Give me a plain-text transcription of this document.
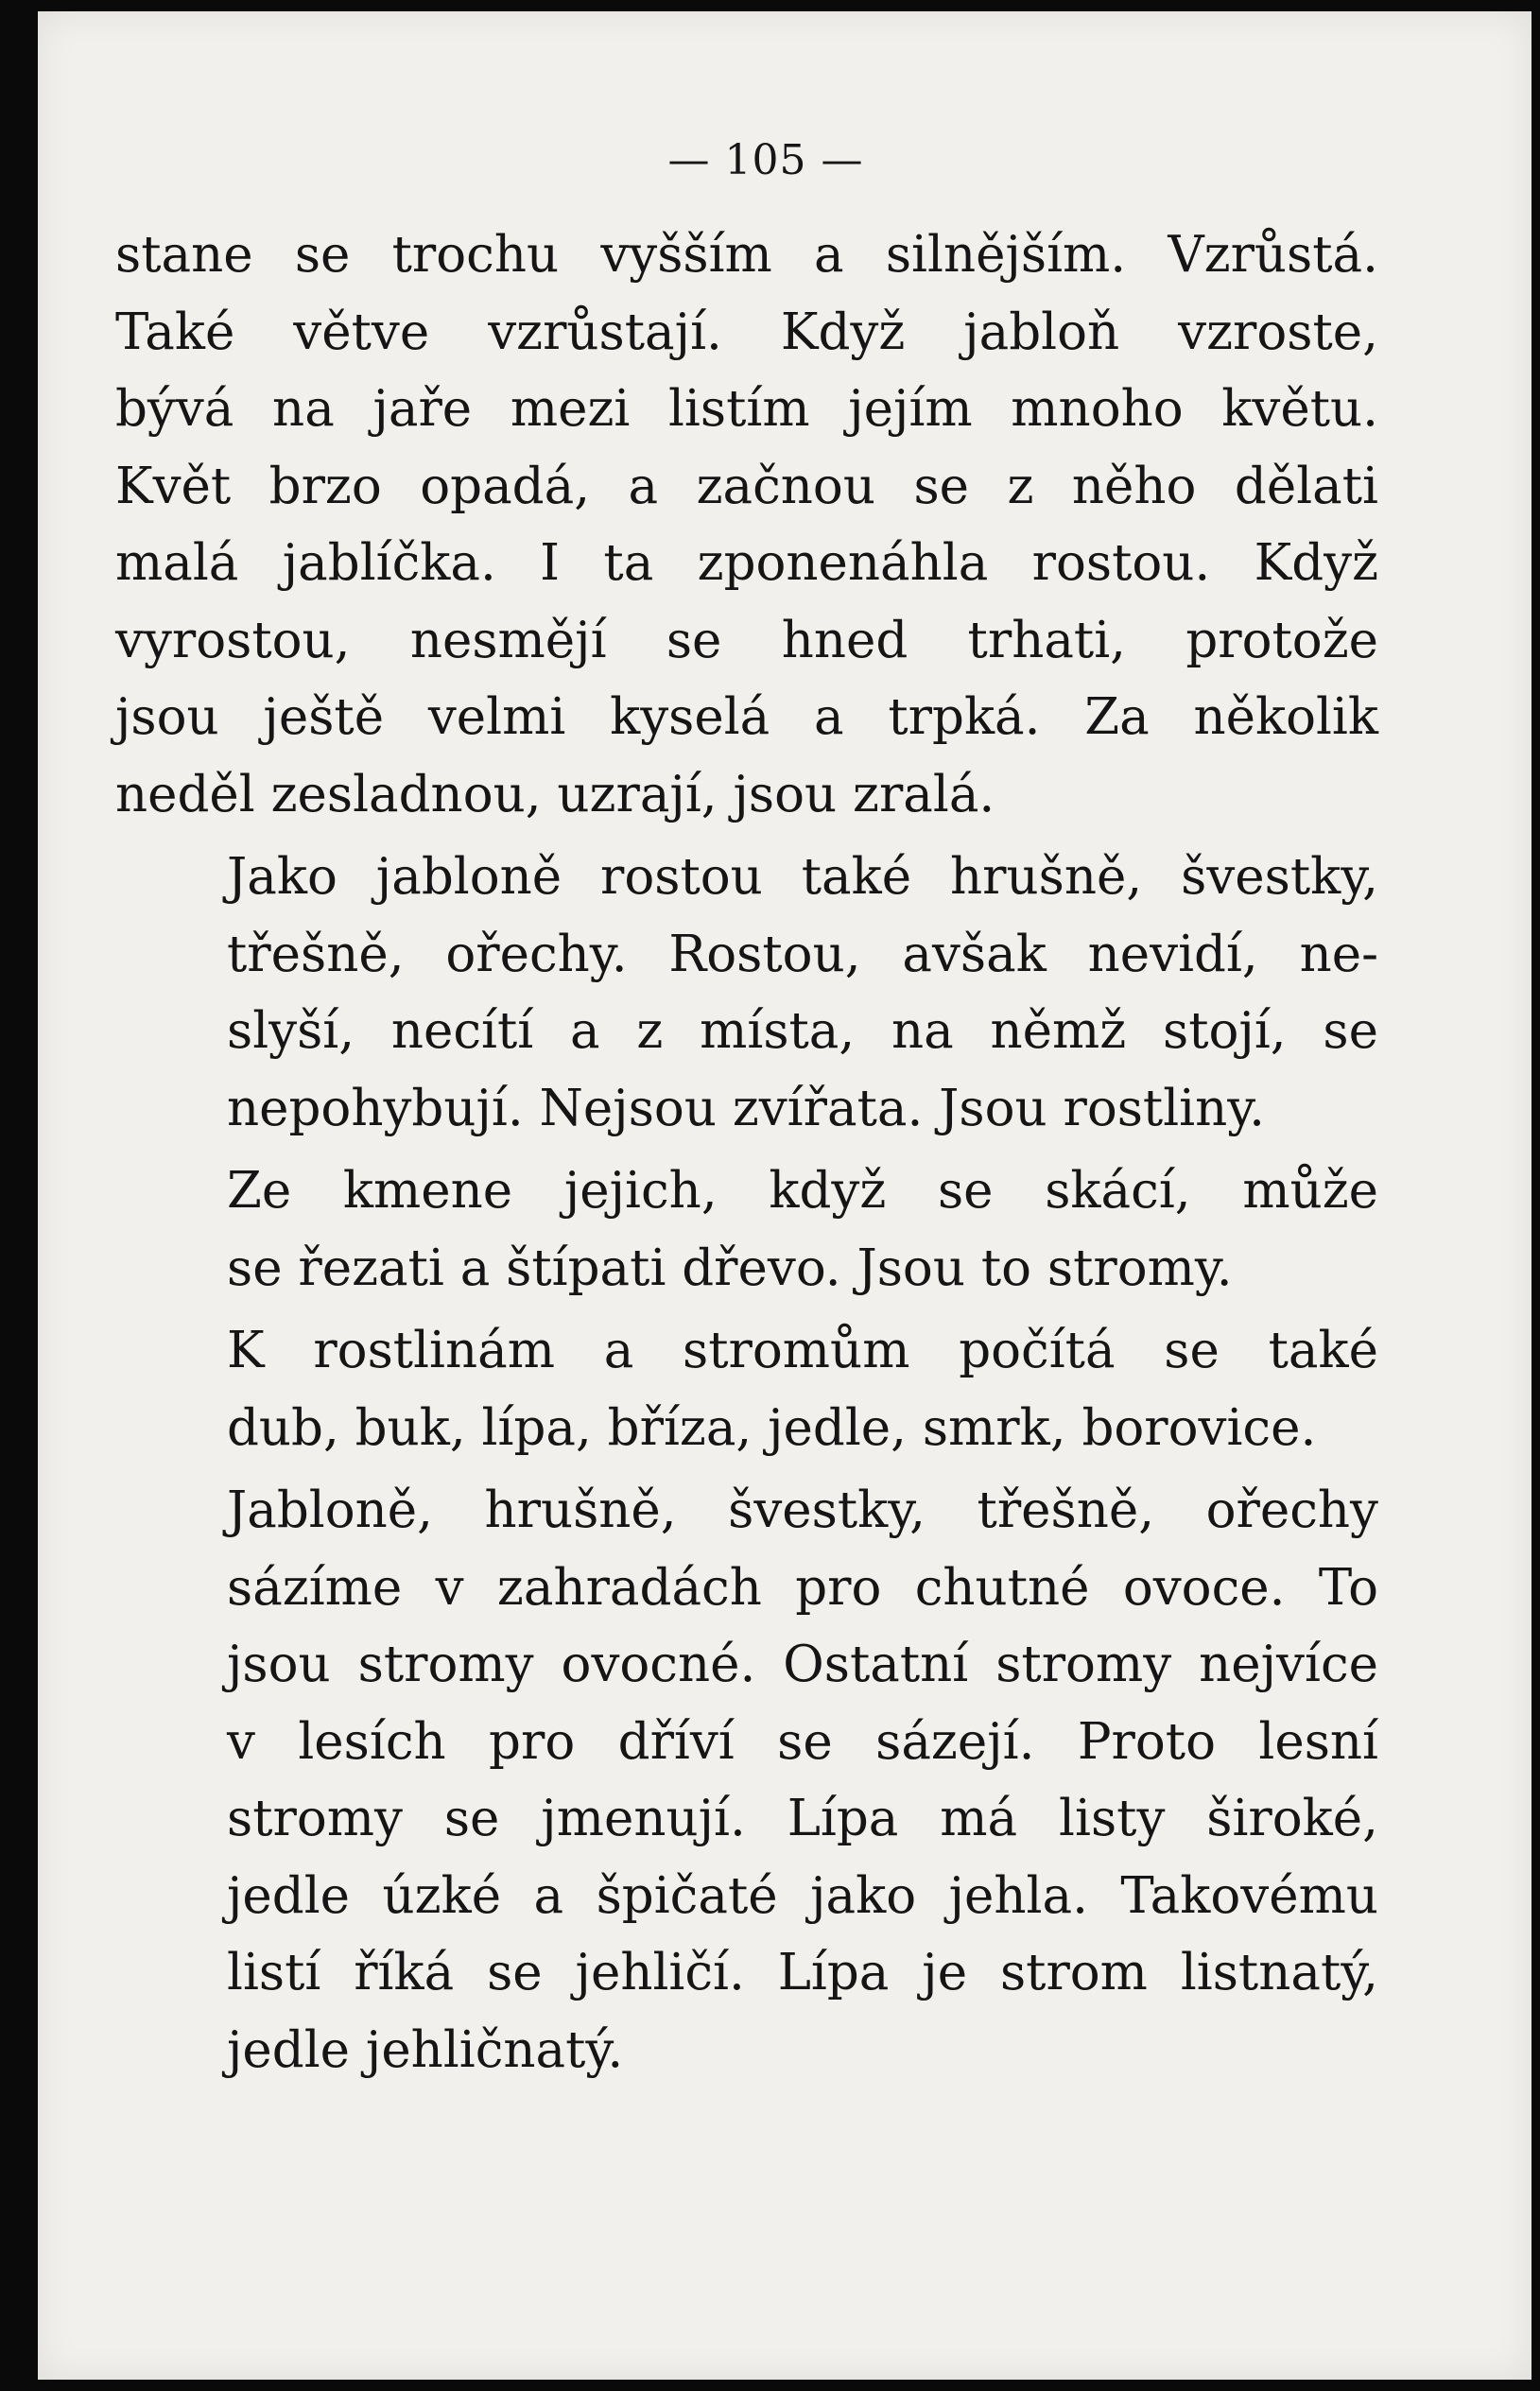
— 105 —
stane se trochu vyšším a silnějším. Vzrůstá.
Také větve vzrůstají. Když jabloň vzroste,
bývá na jaře mezi listím jejím mnoho květu.
Květ brzo opadá, a začnou se z něho dělati
malá jablíčka. I ta zponenáhla rostou. Když
vyrostou, nesmějí se hned trhati, protože
jsou ještě velmi kyselá a trpká. Za několik
neděl zesladnou, uzrají, jsou zralá.
Jako jabloně rostou také hrušně, švestky,
třešně, ořechy. Rostou, avšak nevidí, ne-
slyší, necítí a z místa, na němž stojí, se
nepohybují. Nejsou zvířata. Jsou rostliny.
Ze kmene jejich, když se skácí, může
se řezati a štípati dřevo. Jsou to stromy.
K rostlinám a stromům počítá se také
dub, buk, lípa, bříza, jedle, smrk, borovice.
Jabloně, hrušně, švestky, třešně, ořechy
sázíme v zahradách pro chutné ovoce. To
jsou stromy ovocné. Ostatní stromy nejvíce
v lesích pro dříví se sázejí. Proto lesní
stromy se jmenují. Lípa má listy široké,
jedle úzké a špičaté jako jehla. Takovému
listí říká se jehličí. Lípa je strom listnatý,
jedle jehličnatý.
